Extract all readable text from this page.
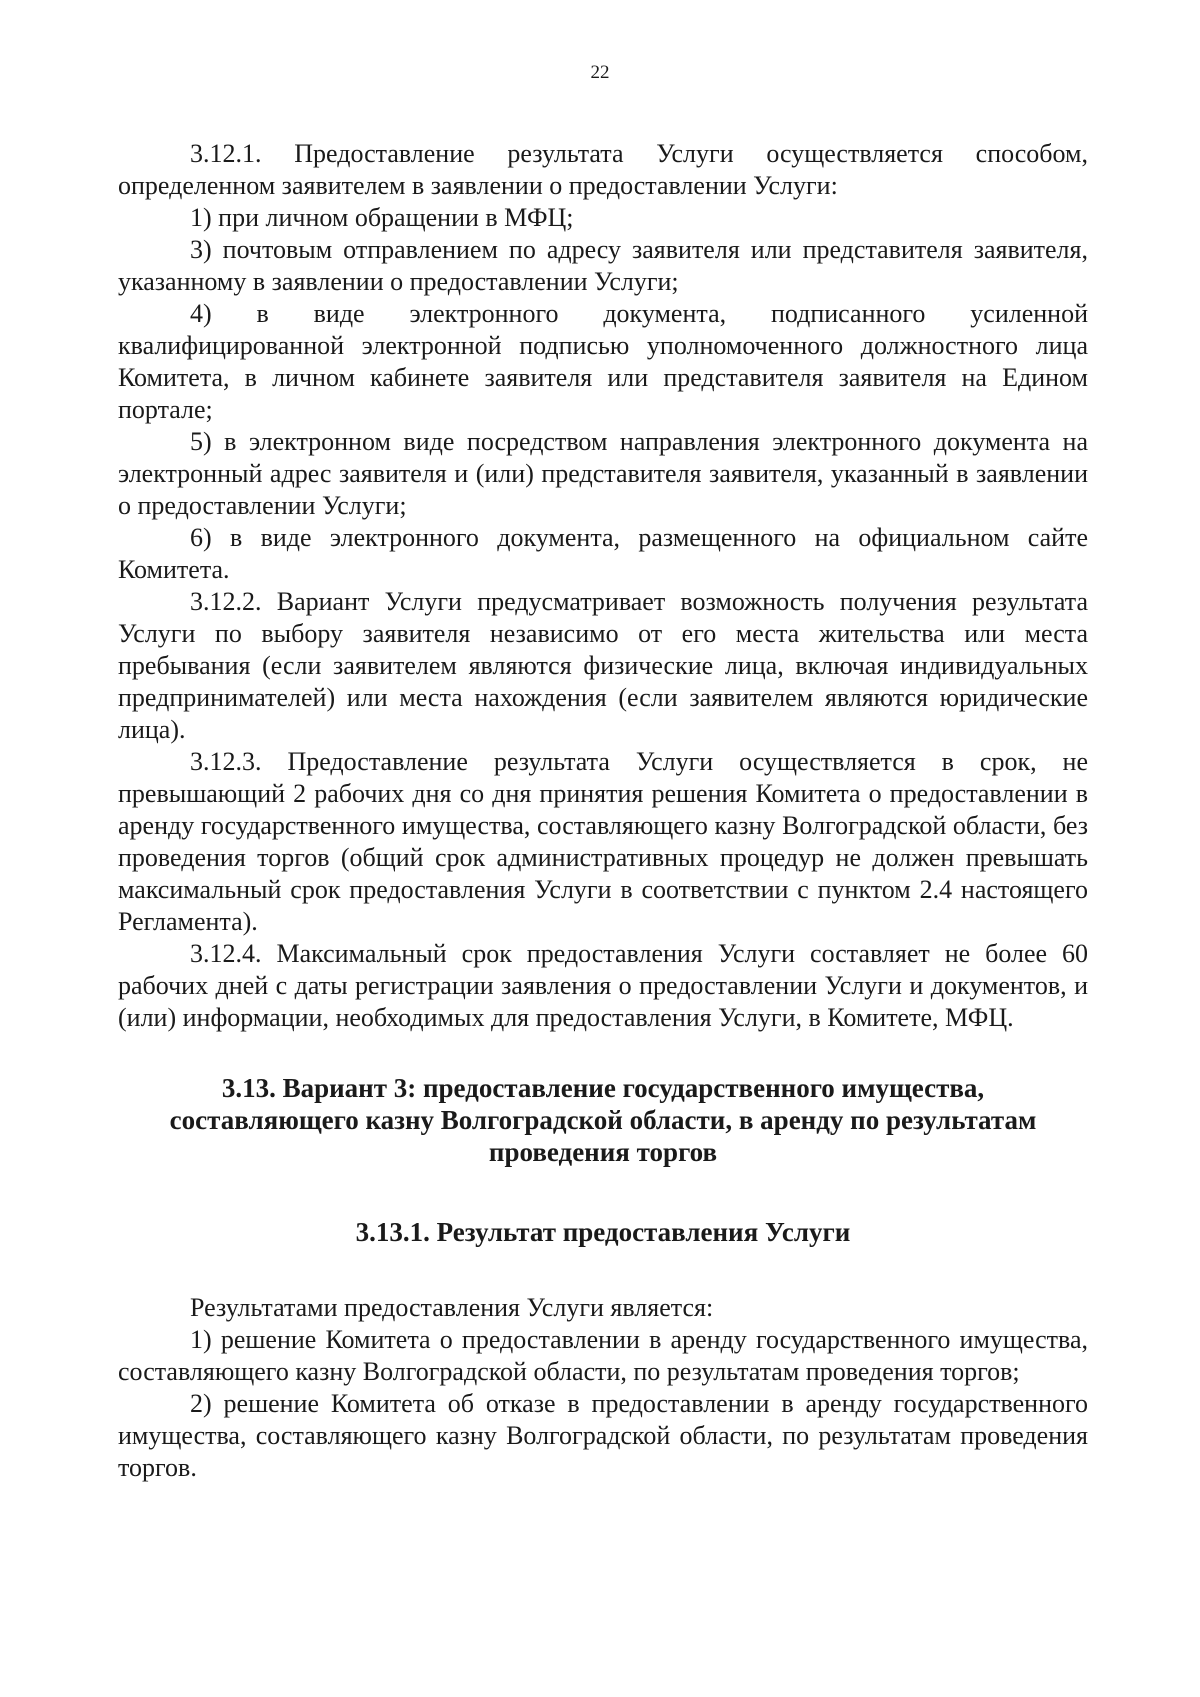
22

3.12.1. Предоставление результата Услуги осуществляется способом, определенном заявителем в заявлении о предоставлении Услуги:

1) при личном обращении в МФЦ;

3) почтовым отправлением по адресу заявителя или представителя заявителя, указанному в заявлении о предоставлении Услуги;

4) в виде электронного документа, подписанного усиленной квалифицированной электронной подписью уполномоченного должностного лица Комитета, в личном кабинете заявителя или представителя заявителя на Едином портале;

5) в электронном виде посредством направления электронного документа на электронный адрес заявителя и (или) представителя заявителя, указанный в заявлении о предоставлении Услуги;

6) в виде электронного документа, размещенного на официальном сайте Комитета.

3.12.2. Вариант Услуги предусматривает возможность получения результата Услуги по выбору заявителя независимо от его места жительства или места пребывания (если заявителем являются физические лица, включая индивидуальных предпринимателей) или места нахождения (если заявителем являются юридические лица).

3.12.3. Предоставление результата Услуги осуществляется в срок, не превышающий 2 рабочих дня со дня принятия решения Комитета о предоставлении в аренду государственного имущества, составляющего казну Волгоградской области, без проведения торгов (общий срок административных процедур не должен превышать максимальный срок предоставления Услуги в соответствии с пунктом 2.4 настоящего Регламента).

3.12.4. Максимальный срок предоставления Услуги составляет не более 60 рабочих дней с даты регистрации заявления о предоставлении Услуги и документов, и (или) информации, необходимых для предоставления Услуги, в Комитете, МФЦ.

3.13. Вариант 3: предоставление государственного имущества, составляющего казну Волгоградской области, в аренду по результатам проведения торгов
3.13.1. Результат предоставления Услуги

Результатами предоставления Услуги является:

1) решение Комитета о предоставлении в аренду государственного имущества, составляющего казну Волгоградской области, по результатам проведения торгов;

2) решение Комитета об отказе в предоставлении в аренду государственного имущества, составляющего казну Волгоградской области, по результатам проведения торгов.
